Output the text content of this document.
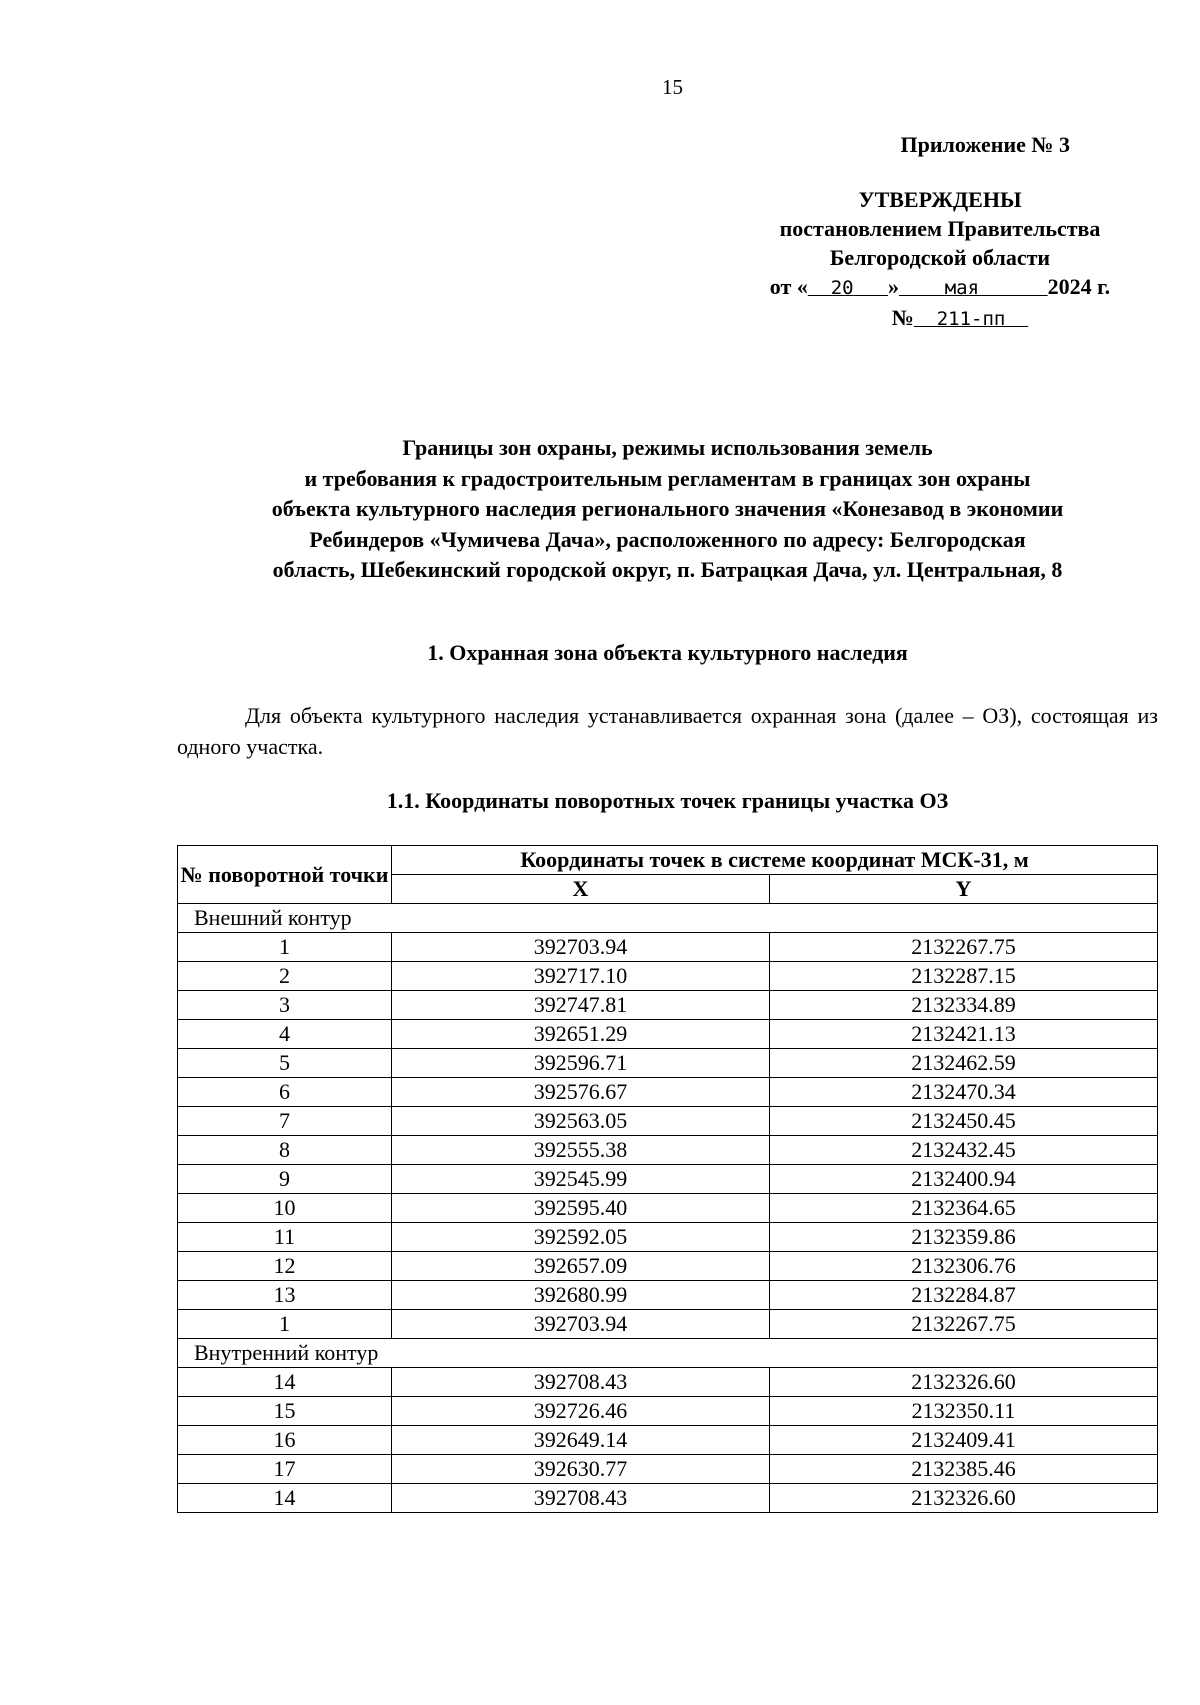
15
Приложение № 3
УТВЕРЖДЕНЫ
постановлением Правительства
Белгородской области
от « 20 » мая	2024 г.
№ 211-пп
Границы зон охраны, режимы использования земель
и требования к градостроительным регламентам в границах зон охраны
объекта культурного наследия регионального значения «Конезавод в экономии
Ребиндеров «Чумичева Дача», расположенного по адресу: Белгородская
область, Шебекинский городской округ, п. Батрацкая Дача, ул. Центральная, 8
1. Охранная зона объекта культурного наследия
Для объекта культурного наследия устанавливается охранная зона (далее – ОЗ), состоящая из одного участка.
1.1. Координаты поворотных точек границы участка ОЗ
№ поворотной точки	Координаты точек в системе координат МСК-31, м	
	X	Y
Внешний контур		
1	392703.94	2132267.75
2	392717.10	2132287.15
3	392747.81	2132334.89
4	392651.29	2132421.13
5	392596.71	2132462.59
6	392576.67	2132470.34
7	392563.05	2132450.45
8	392555.38	2132432.45
9	392545.99	2132400.94
10	392595.40	2132364.65
11	392592.05	2132359.86
12	392657.09	2132306.76
13	392680.99	2132284.87
1	392703.94	2132267.75
Внутренний контур		
14	392708.43	2132326.60
15	392726.46	2132350.11
16	392649.14	2132409.41
17	392630.77	2132385.46
14	392708.43	2132326.60
